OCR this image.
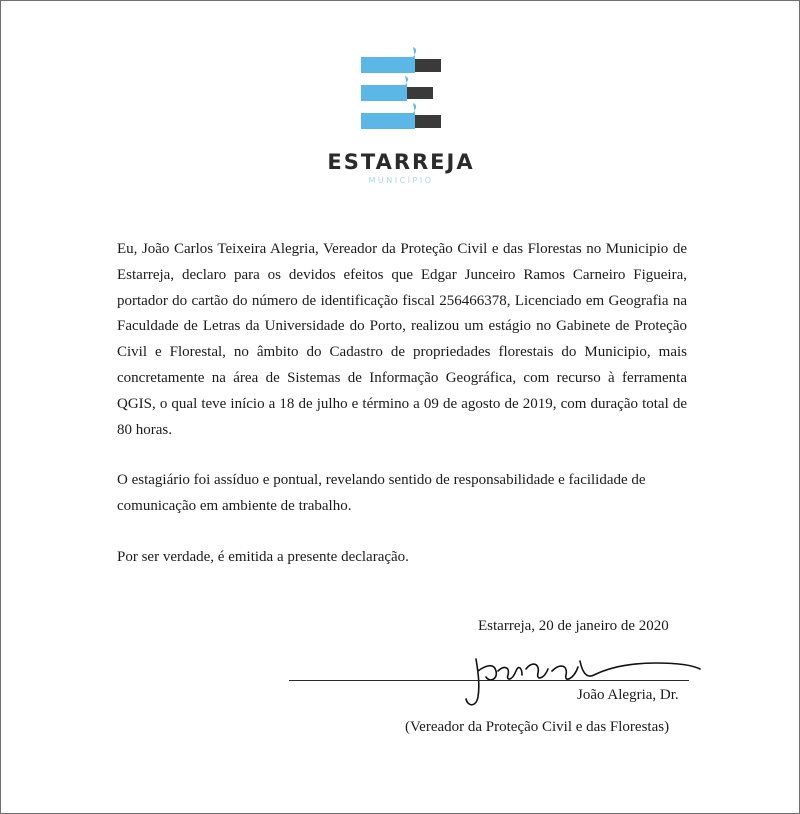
ESTARREJA
MUNICÍPIO

Eu, João Carlos Teixeira Alegria, Vereador da Proteção Civil e das Florestas no Municipio de Estarreja, declaro para os devidos efeitos que Edgar Junceiro Ramos Carneiro Figueira, portador do cartão do número de identificação fiscal 256466378, Licenciado em Geografia na Faculdade de Letras da Universidade do Porto, realizou um estágio no Gabinete de Proteção Civil e Florestal, no âmbito do Cadastro de propriedades florestais do Municipio, mais concretamente na área de Sistemas de Informação Geográfica, com recurso à ferramenta QGIS, o qual teve início a 18 de julho e término a 09 de agosto de 2019, com duração total de 80 horas.

O estagiário foi assíduo e pontual, revelando sentido de responsabilidade e facilidade de comunicação em ambiente de trabalho.

Por ser verdade, é emitida a presente declaração.

Estarreja, 20 de janeiro de 2020
João Alegria, Dr.
(Vereador da Proteção Civil e das Florestas)
